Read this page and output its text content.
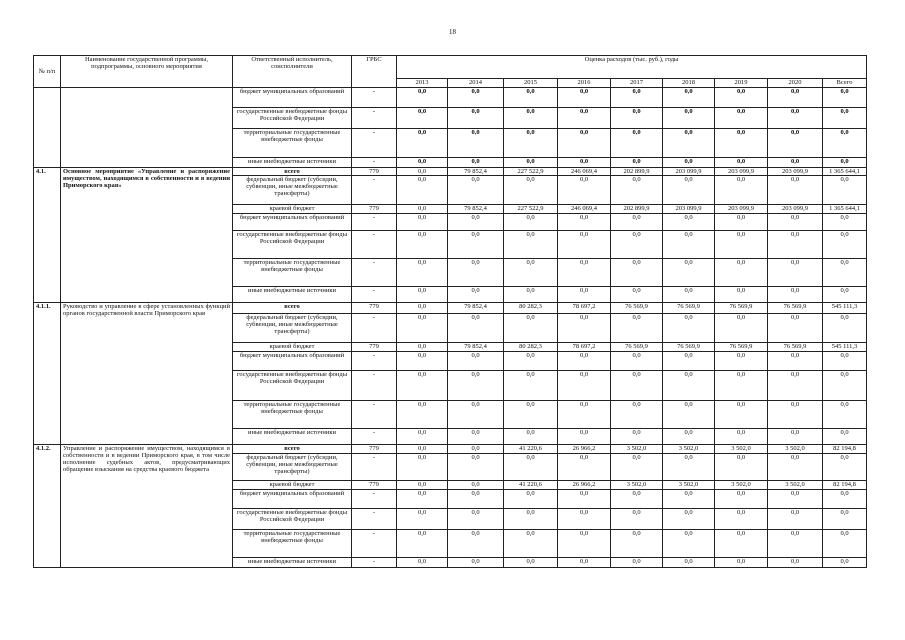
18
№ п/п	Наименование государственной программы, подпрограммы, основного мероприятия	Ответственный исполнитель, соисполнители	ГРБС	Оценка расходов (тыс. руб.), годы								
				2013	2014	2015	2016	2017	2018	2019	2020	Всего
		бюджет муниципальных образований	-	0,0	0,0	0,0	0,0	0,0	0,0	0,0	0,0	0,0
		государственные внебюджетные фонды Российской Федерации	-	0,0	0,0	0,0	0,0	0,0	0,0	0,0	0,0	0,0
		территориальные государственные внебюджетные фонды	-	0,0	0,0	0,0	0,0	0,0	0,0	0,0	0,0	0,0
		иные внебюджетные источники	-	0,0	0,0	0,0	0,0	0,0	0,0	0,0	0,0	0,0
4.1.	Основное мероприятие «Управление и распоряжение имуществом, находящимся в собственности и в ведении Приморского края»	всего	779	0,0	79 852,4	227 522,9	246 069,4	202 899,9	203 099,9	203 099,9	203 099,9	1 365 644,1
		федеральный бюджет (субсидии, субвенции, иные межбюджетные трансферты)	-	0,0	0,0	0,0	0,0	0,0	0,0	0,0	0,0	0,0
		краевой бюджет	779	0,0	79 852,4	227 522,9	246 069,4	202 899,9	203 099,9	203 099,9	203 099,9	1 365 644,1
		бюджет муниципальных образований	-	0,0	0,0	0,0	0,0	0,0	0,0	0,0	0,0	0,0
		государственные внебюджетные фонды Российской Федерации	-	0,0	0,0	0,0	0,0	0,0	0,0	0,0	0,0	0,0
		территориальные государственные внебюджетные фонды	-	0,0	0,0	0,0	0,0	0,0	0,0	0,0	0,0	0,0
		иные внебюджетные источники	-	0,0	0,0	0,0	0,0	0,0	0,0	0,0	0,0	0,0
4.1.1.	Руководство и управление в сфере установленных функций органов государственной власти Приморского края	всего	779	0,0	79 852,4	80 282,3	78 697,2	76 569,9	76 569,9	76 569,9	76 569,9	545 111,3
		федеральный бюджет (субсидии, субвенции, иные межбюджетные трансферты)	-	0,0	0,0	0,0	0,0	0,0	0,0	0,0	0,0	0,0
		краевой бюджет	779	0,0	79 852,4	80 282,3	78 697,2	76 569,9	76 569,9	76 569,9	76 569,9	545 111,3
		бюджет муниципальных образований	-	0,0	0,0	0,0	0,0	0,0	0,0	0,0	0,0	0,0
		государственные внебюджетные фонды Российской Федерации	-	0,0	0,0	0,0	0,0	0,0	0,0	0,0	0,0	0,0
		территориальные государственные внебюджетные фонды	-	0,0	0,0	0,0	0,0	0,0	0,0	0,0	0,0	0,0
		иные внебюджетные источники	-	0,0	0,0	0,0	0,0	0,0	0,0	0,0	0,0	0,0
4.1.2.	Управление и распоряжение имуществом, находящимся в собственности и в ведении Приморского края, в том числе исполнение судебных актов, предусматривающих обращение взыскания на средства краевого бюджета	всего	779	0,0	0,0	41 220,6	26 966,2	3 502,0	3 502,0	3 502,0	3 502,0	82 194,8
		федеральный бюджет (субсидии, субвенции, иные межбюджетные трансферты)	-	0,0	0,0	0,0	0,0	0,0	0,0	0,0	0,0	0,0
		краевой бюджет	779	0,0	0,0	41 220,6	26 966,2	3 502,0	3 502,0	3 502,0	3 502,0	82 194,8
		бюджет муниципальных образований	-	0,0	0,0	0,0	0,0	0,0	0,0	0,0	0,0	0,0
		государственные внебюджетные фонды Российской Федерации	-	0,0	0,0	0,0	0,0	0,0	0,0	0,0	0,0	0,0
		территориальные государственные внебюджетные фонды	-	0,0	0,0	0,0	0,0	0,0	0,0	0,0	0,0	0,0
		иные внебюджетные источники	-	0,0	0,0	0,0	0,0	0,0	0,0	0,0	0,0	0,0
